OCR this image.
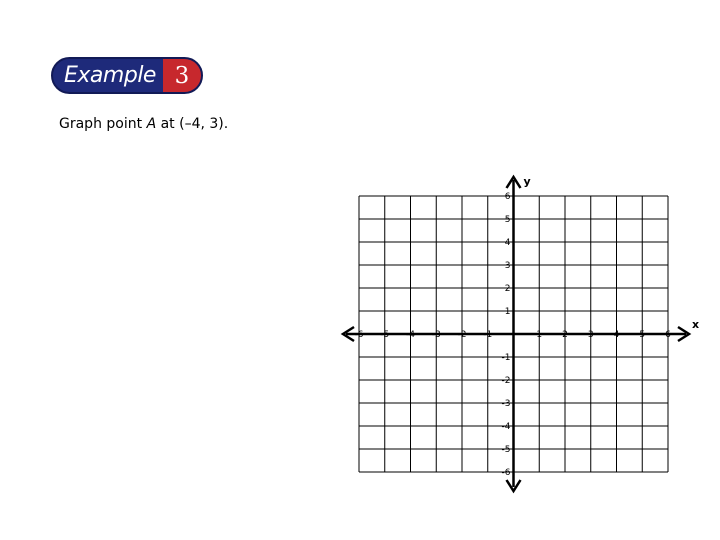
Example 3
Graph point A at (–4, 3).
-6 -5 -4 -3 -2 -1	1 2 3 4 5 6
6
5
4
3
2
1
-1
-2
-3
-4
-5
-6
x
y
